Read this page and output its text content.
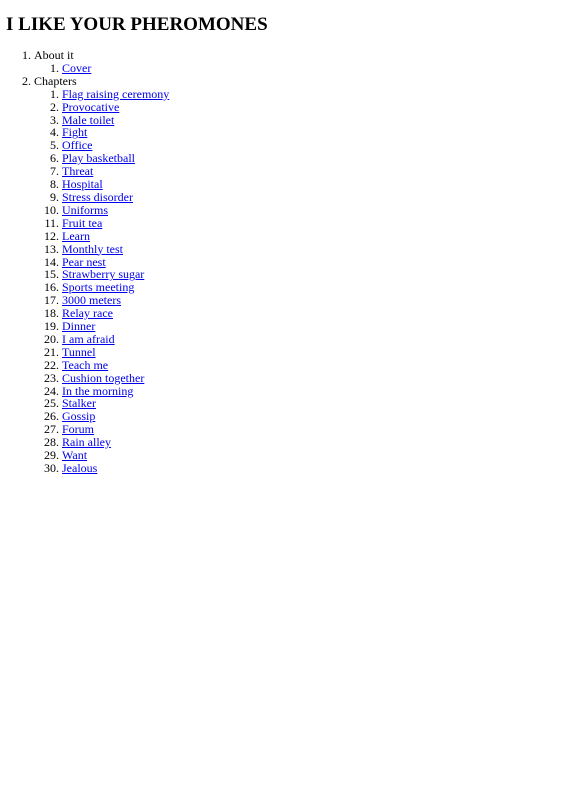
I LIKE YOUR PHEROMONES
1. About it
1. Cover
2. Chapters
1. Flag raising ceremony
2. Provocative
3. Male toilet
4. Fight
5. Office
6. Play basketball
7. Threat
8. Hospital
9. Stress disorder
10. Uniforms
11. Fruit tea
12. Learn
13. Monthly test
14. Pear nest
15. Strawberry sugar
16. Sports meeting
17. 3000 meters
18. Relay race
19. Dinner
20. I am afraid
21. Tunnel
22. Teach me
23. Cushion together
24. In the morning
25. Stalker
26. Gossip
27. Forum
28. Rain alley
29. Want
30. Jealous
